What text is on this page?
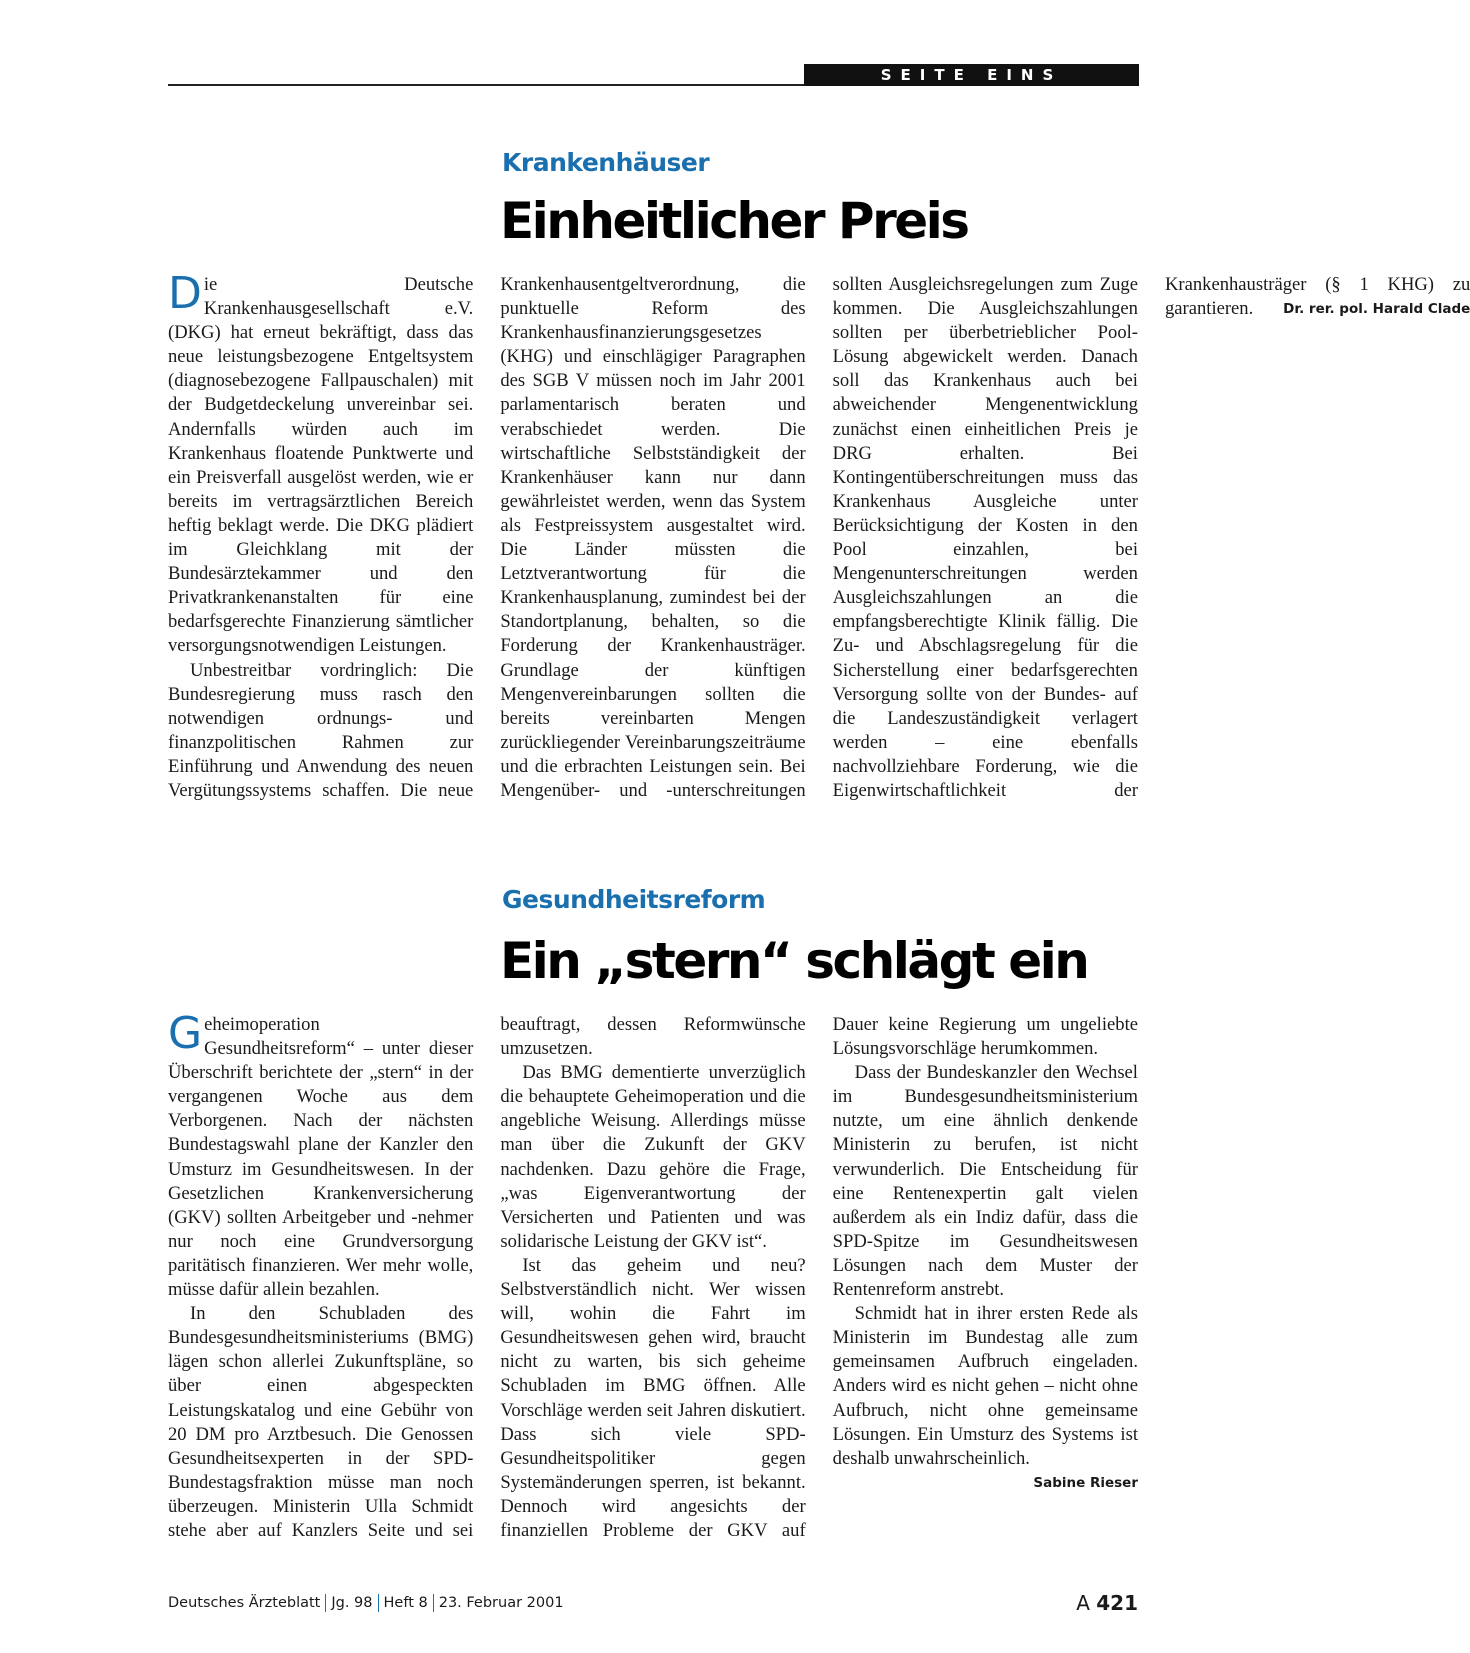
SEITE EINS
Krankenhäuser
Einheitlicher Preis

Die Deutsche Krankenhausgesellschaft e.V. (DKG) hat erneut bekräftigt, dass das neue leistungsbezogene Entgeltsystem (diagnosebezogene Fallpauschalen) mit der Budgetdeckelung unvereinbar sei. Andernfalls würden auch im Krankenhaus floatende Punktwerte und ein Preisverfall ausgelöst werden, wie er bereits im vertragsärztlichen Bereich heftig beklagt werde. Die DKG plädiert im Gleichklang mit der Bundesärztekammer und den Privatkrankenanstalten für eine bedarfsgerechte Finanzierung sämtlicher versorgungsnotwendigen Leistungen.

Unbestreitbar vordringlich: Die Bundesregierung muss rasch den notwendigen ordnungs- und finanzpolitischen Rahmen zur Einführung und Anwendung des neuen Vergütungssystems schaffen. Die neue Krankenhausentgeltverordnung, die punktuelle Reform des Krankenhausfinanzierungsgesetzes (KHG) und einschlägiger Paragraphen des SGB V müssen noch im Jahr 2001 parlamentarisch beraten und verabschiedet werden. Die wirtschaftliche Selbstständigkeit der Krankenhäuser kann nur dann gewährleistet werden, wenn das System als Festpreissystem ausgestaltet wird. Die Länder müssten die Letztverantwortung für die Krankenhausplanung, zumindest bei der Standortplanung, behalten, so die Forderung der Krankenhausträger. Grundlage der künftigen Mengenvereinbarungen sollten die bereits vereinbarten Mengen zurückliegender Vereinbarungszeiträume und die erbrachten Leistungen sein. Bei Mengenüber- und -unterschreitungen sollten Ausgleichsregelungen zum Zuge kommen. Die Ausgleichszahlungen sollten per überbetrieblicher Pool-Lösung abgewickelt werden. Danach soll das Krankenhaus auch bei abweichender Mengenentwicklung zunächst einen einheitlichen Preis je DRG erhalten. Bei Kontingentüberschreitungen muss das Krankenhaus Ausgleiche unter Berücksichtigung der Kosten in den Pool einzahlen, bei Mengenunterschreitungen werden Ausgleichszahlungen an die empfangsberechtigte Klinik fällig. Die Zu- und Abschlagsregelung für die Sicherstellung einer bedarfsgerechten Versorgung sollte von der Bundes- auf die Landeszuständigkeit verlagert werden – eine ebenfalls nachvollziehbare Forderung, wie die Eigenwirtschaftlichkeit der Krankenhausträger (§ 1 KHG) zu garantieren.	Dr. rer. pol. Harald Clade

Gesundheitsreform
Ein „stern“ schlägt ein

Geheimoperation Gesundheitsreform“ – unter dieser Überschrift berichtete der „stern“ in der vergangenen Woche aus dem Verborgenen. Nach der nächsten Bundestagswahl plane der Kanzler den Umsturz im Gesundheitswesen. In der Gesetzlichen Krankenversicherung (GKV) sollten Arbeitgeber und -nehmer nur noch eine Grundversorgung paritätisch finanzieren. Wer mehr wolle, müsse dafür allein bezahlen.

In den Schubladen des Bundesgesundheitsministeriums (BMG) lägen schon allerlei Zukunftspläne, so über einen abgespeckten Leistungskatalog und eine Gebühr von 20 DM pro Arztbesuch. Die Genossen Gesundheitsexperten in der SPD-Bundestagsfraktion müsse man noch überzeugen. Ministerin Ulla Schmidt stehe aber auf Kanzlers Seite und sei beauftragt, dessen Reformwünsche umzusetzen.

Das BMG dementierte unverzüglich die behauptete Geheimoperation und die angebliche Weisung. Allerdings müsse man über die Zukunft der GKV nachdenken. Dazu gehöre die Frage, „was Eigenverantwortung der Versicherten und Patienten und was solidarische Leistung der GKV ist“.

Ist das geheim und neu? Selbstverständlich nicht. Wer wissen will, wohin die Fahrt im Gesundheitswesen gehen wird, braucht nicht zu warten, bis sich geheime Schubladen im BMG öffnen. Alle Vorschläge werden seit Jahren diskutiert. Dass sich viele SPD-Gesundheitspolitiker gegen Systemänderungen sperren, ist bekannt. Dennoch wird angesichts der finanziellen Probleme der GKV auf Dauer keine Regierung um ungeliebte Lösungsvorschläge herumkommen.

Dass der Bundeskanzler den Wechsel im Bundesgesundheitsministerium nutzte, um eine ähnlich denkende Ministerin zu berufen, ist nicht verwunderlich. Die Entscheidung für eine Rentenexpertin galt vielen außerdem als ein Indiz dafür, dass die SPD-Spitze im Gesundheitswesen Lösungen nach dem Muster der Rentenreform anstrebt.

Schmidt hat in ihrer ersten Rede als Ministerin im Bundestag alle zum gemeinsamen Aufbruch eingeladen. Anders wird es nicht gehen – nicht ohne Aufbruch, nicht ohne gemeinsame Lösungen. Ein Umsturz des Systems ist deshalb unwahrscheinlich.
Sabine Rieser

Deutsches Ärzteblatt Jg. 98 Heft 8 23. Februar 2001	A 421
